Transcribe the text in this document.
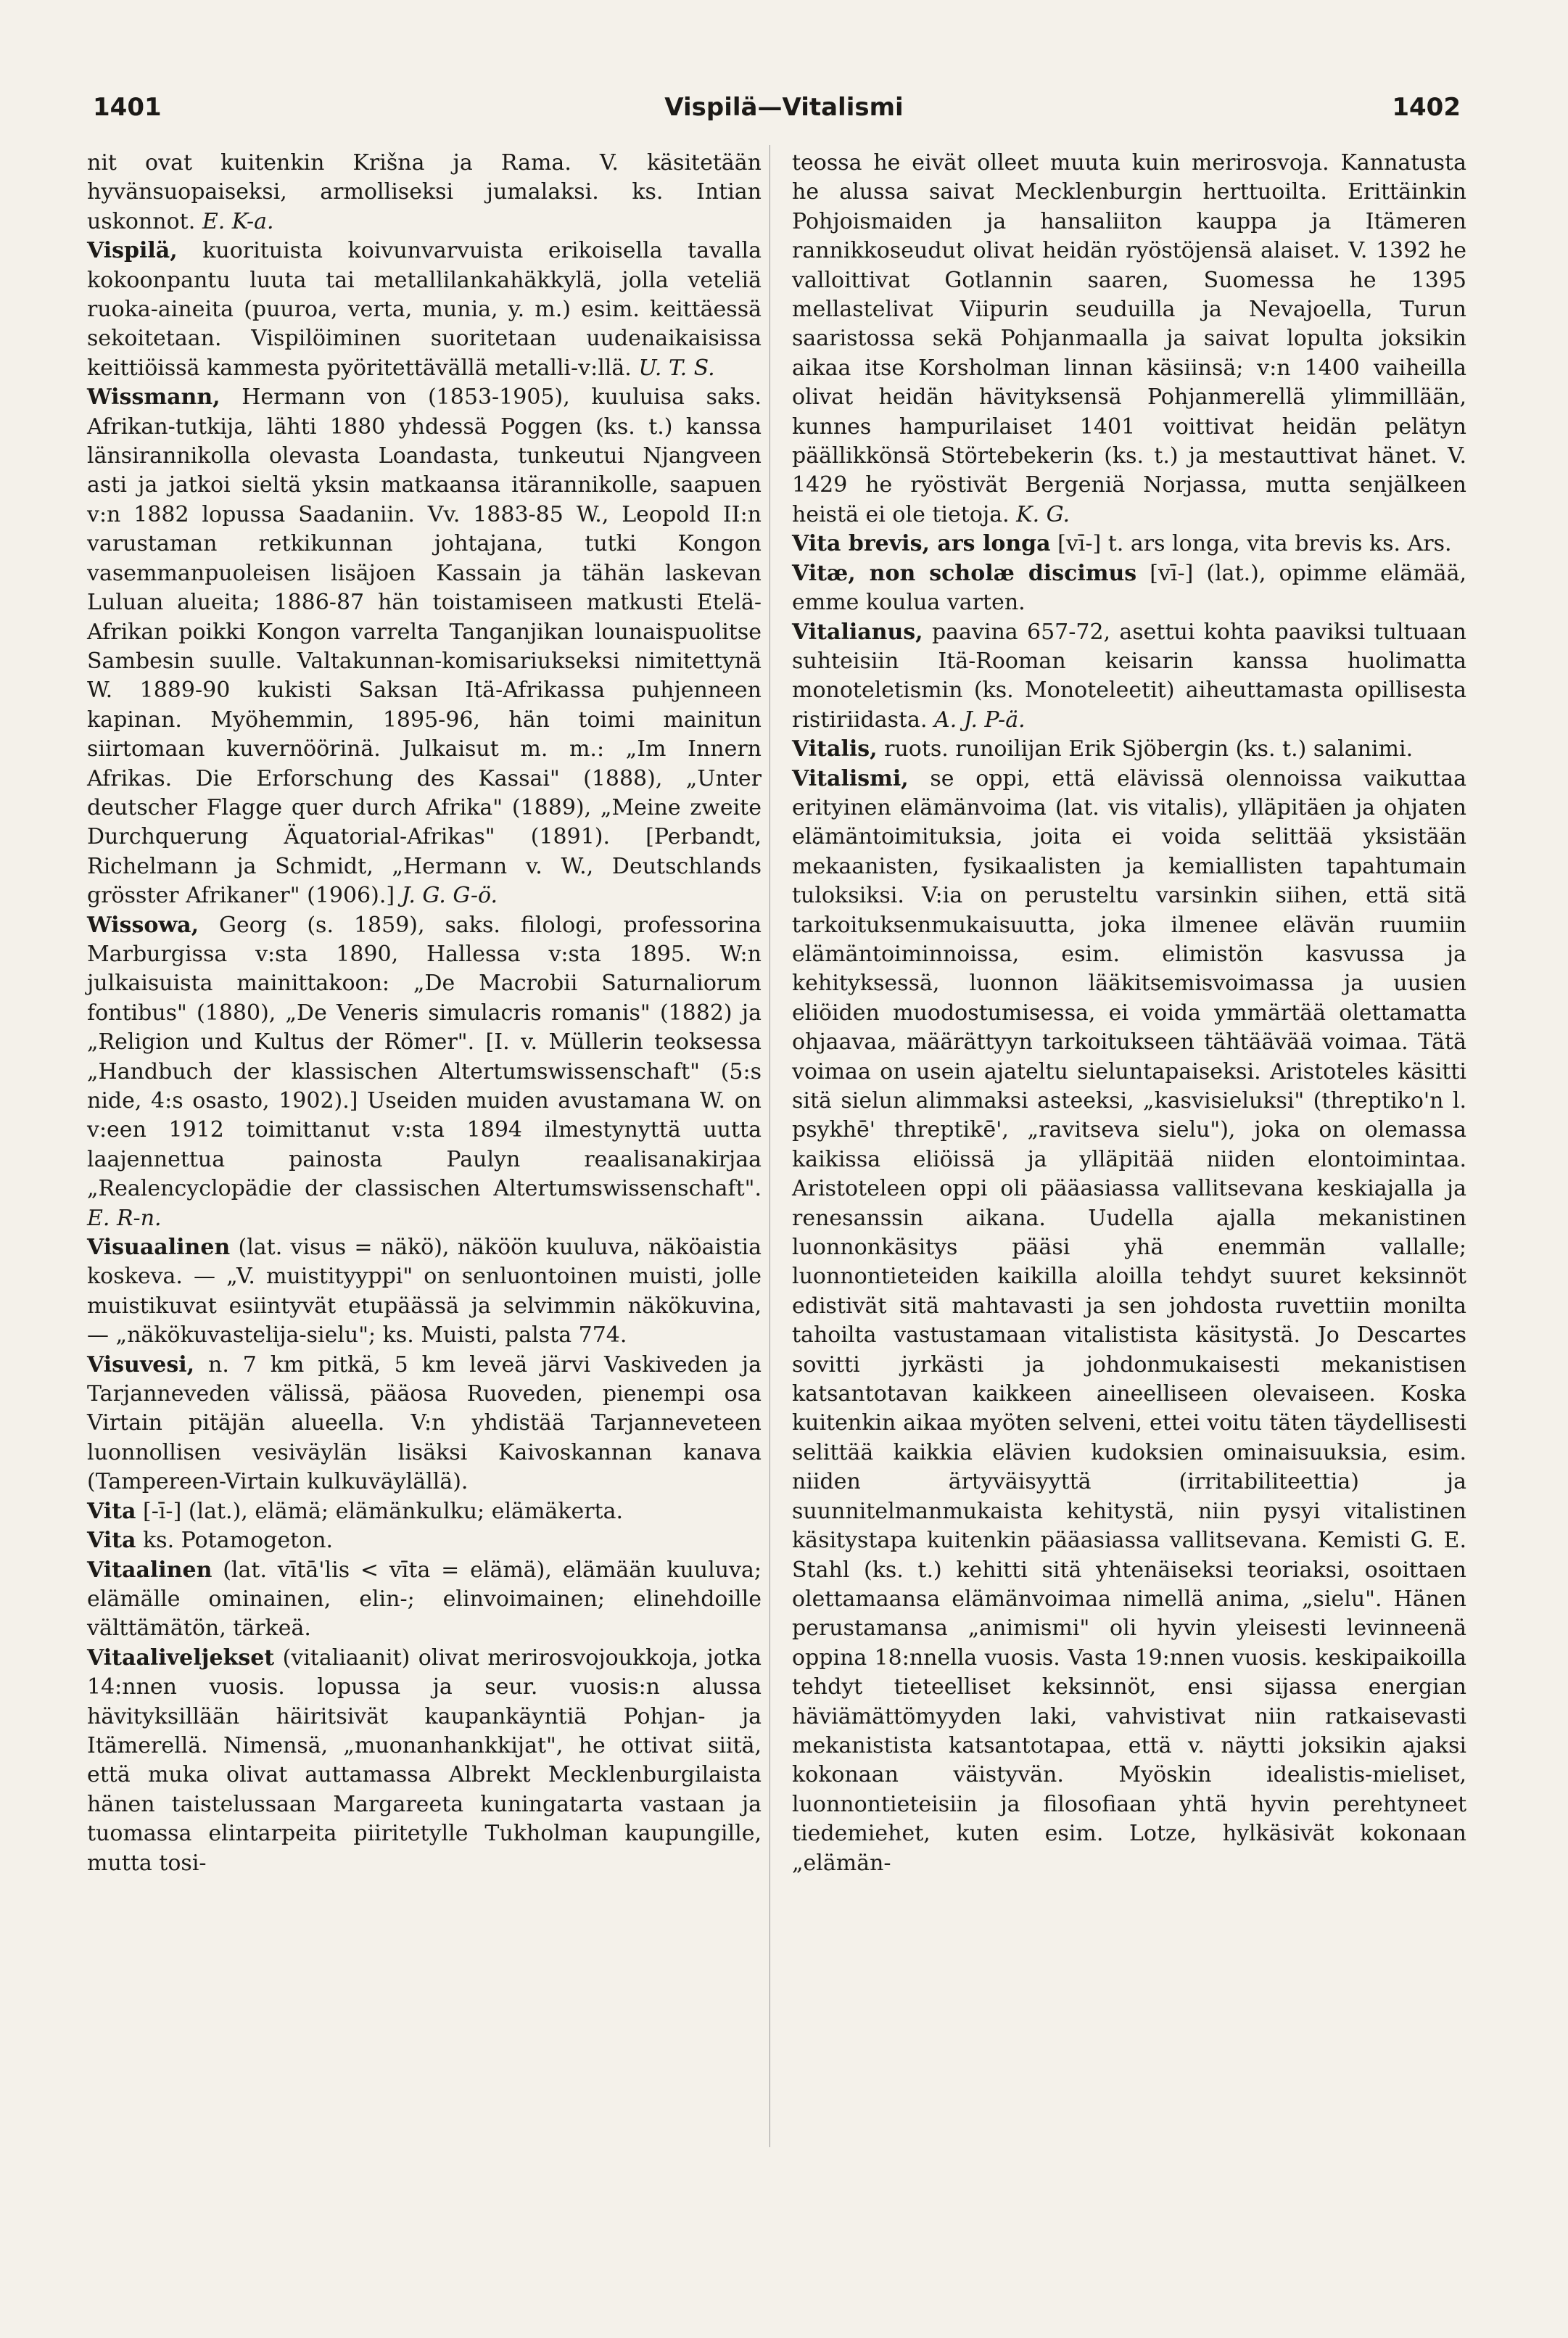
1401	Vispilä—Vitalismi	1402

nit ovat kuitenkin Krišna ja Rama. V. käsitetään hyvänsuopaiseksi, armolliseksi jumalaksi. ks. Intian uskonnot. E. K-a.

Vispilä, kuorituista koivunvarvuista erikoisella tavalla kokoonpantu luuta tai metallilankahäkkylä, jolla veteliä ruoka-aineita (puuroa, verta, munia, y. m.) esim. keittäessä sekoitetaan. Vispilöiminen suoritetaan uudenaikaisissa keittiöissä kammesta pyöritettävällä metalli-v:llä. U. T. S.

Wissmann, Hermann von (1853-1905), kuuluisa saks. Afrikan-tutkija, lähti 1880 yhdessä Poggen (ks. t.) kanssa länsirannikolla olevasta Loandasta, tunkeutui Njangveen asti ja jatkoi sieltä yksin matkaansa itärannikolle, saapuen v:n 1882 lopussa Saadaniin. Vv. 1883-85 W., Leopold II:n varustaman retkikunnan johtajana, tutki Kongon vasemmanpuoleisen lisäjoen Kassain ja tähän laskevan Luluan alueita; 1886-87 hän toistamiseen matkusti Etelä-Afrikan poikki Kongon varrelta Tanganjikan lounaispuolitse Sambesin suulle. Valtakunnan-komisariukseksi nimitettynä W. 1889-90 kukisti Saksan Itä-Afrikassa puhjenneen kapinan. Myöhemmin, 1895-96, hän toimi mainitun siirtomaan kuvernöörinä. Julkaisut m. m.: „Im Innern Afrikas. Die Erforschung des Kassai" (1888), „Unter deutscher Flagge quer durch Afrika" (1889), „Meine zweite Durchquerung Äquatorial-Afrikas" (1891). [Perbandt, Richelmann ja Schmidt, „Hermann v. W., Deutschlands grösster Afrikaner" (1906).] J. G. G-ö.

Wissowa, Georg (s. 1859), saks. filologi, professorina Marburgissa v:sta 1890, Hallessa v:sta 1895. W:n julkaisuista mainittakoon: „De Macrobii Saturnaliorum fontibus" (1880), „De Veneris simulacris romanis" (1882) ja „Religion und Kultus der Römer". [I. v. Müllerin teoksessa „Handbuch der klassischen Altertumswissenschaft" (5:s nide, 4:s osasto, 1902).] Useiden muiden avustamana W. on v:een 1912 toimittanut v:sta 1894 ilmestynyttä uutta laajennettua painosta Paulyn reaalisanakirjaa „Realencyclopädie der classischen Altertumswissenschaft". E. R-n.

Visuaalinen (lat. visus = näkö), näköön kuuluva, näköaistia koskeva. — „V. muistityyppi" on senluontoinen muisti, jolle muistikuvat esiintyvät etupäässä ja selvimmin näkökuvina, — „näkökuvastelija-sielu"; ks. Muisti, palsta 774.

Visuvesi, n. 7 km pitkä, 5 km leveä järvi Vaskiveden ja Tarjanneveden välissä, pääosa Ruoveden, pienempi osa Virtain pitäjän alueella. V:n yhdistää Tarjanneveteen luonnollisen vesiväylän lisäksi Kaivoskannan kanava (Tampereen-Virtain kulkuväylällä).

Vita [-ī-] (lat.), elämä; elämänkulku; elämäkerta.

Vita ks. Potamogeton.

Vitaalinen (lat. vītā'lis < vīta = elämä), elämään kuuluva; elämälle ominainen, elin-; elinvoimainen; elinehdoille välttämätön, tärkeä.

Vitaaliveljekset (vitaliaanit) olivat merirosvojoukkoja, jotka 14:nnen vuosis. lopussa ja seur. vuosis:n alussa hävityksillään häiritsivät kaupankäyntiä Pohjan- ja Itämerellä. Nimensä, „muonanhankkijat", he ottivat siitä, että muka olivat auttamassa Albrekt Mecklenburgilaista hänen taistelussaan Margareeta kuningatarta vastaan ja tuomassa elintarpeita piiritetylle Tukholman kaupungille, mutta tosi-

teossa he eivät olleet muuta kuin merirosvoja. Kannatusta he alussa saivat Mecklenburgin herttuoilta. Erittäinkin Pohjoismaiden ja hansaliiton kauppa ja Itämeren rannikkoseudut olivat heidän ryöstöjensä alaiset. V. 1392 he valloittivat Gotlannin saaren, Suomessa he 1395 mellastelivat Viipurin seuduilla ja Nevajoella, Turun saaristossa sekä Pohjanmaalla ja saivat lopulta joksikin aikaa itse Korsholman linnan käsiinsä; v:n 1400 vaiheilla olivat heidän hävityksensä Pohjanmerellä ylimmillään, kunnes hampurilaiset 1401 voittivat heidän pelätyn päällikkönsä Störtebekerin (ks. t.) ja mestauttivat hänet. V. 1429 he ryöstivät Bergeniä Norjassa, mutta senjälkeen heistä ei ole tietoja. K. G.

Vita brevis, ars longa [vī-] t. ars longa, vita brevis ks. Ars.

Vitæ, non scholæ discimus [vī-] (lat.), opimme elämää, emme koulua varten.

Vitalianus, paavina 657-72, asettui kohta paaviksi tultuaan suhteisiin Itä-Rooman keisarin kanssa huolimatta monoteletismin (ks. Monoteleetit) aiheuttamasta opillisesta ristiriidasta. A. J. P-ä.

Vitalis, ruots. runoilijan Erik Sjöbergin (ks. t.) salanimi.

Vitalismi, se oppi, että elävissä olennoissa vaikuttaa erityinen elämänvoima (lat. vis vitalis), ylläpitäen ja ohjaten elämäntoimituksia, joita ei voida selittää yksistään mekaanisten, fysikaalisten ja kemiallisten tapahtumain tuloksiksi. V:ia on perusteltu varsinkin siihen, että sitä tarkoituksenmukaisuutta, joka ilmenee elävän ruumiin elämäntoiminnoissa, esim. elimistön kasvussa ja kehityksessä, luonnon lääkitsemisvoimassa ja uusien eliöiden muodostumisessa, ei voida ymmärtää olettamatta ohjaavaa, määrättyyn tarkoitukseen tähtäävää voimaa. Tätä voimaa on usein ajateltu sieluntapaiseksi. Aristoteles käsitti sitä sielun alimmaksi asteeksi, „kasvisieluksi" (threptiko'n l. psykhē' threptikē', „ravitseva sielu"), joka on olemassa kaikissa eliöissä ja ylläpitää niiden elontoimintaa. Aristoteleen oppi oli pääasiassa vallitsevana keskiajalla ja renesanssin aikana. Uudella ajalla mekanistinen luonnonkäsitys pääsi yhä enemmän vallalle; luonnontieteiden kaikilla aloilla tehdyt suuret keksinnöt edistivät sitä mahtavasti ja sen johdosta ruvettiin monilta tahoilta vastustamaan vitalistista käsitystä. Jo Descartes sovitti jyrkästi ja johdonmukaisesti mekanistisen katsantotavan kaikkeen aineelliseen olevaiseen. Koska kuitenkin aikaa myöten selveni, ettei voitu täten täydellisesti selittää kaikkia elävien kudoksien ominaisuuksia, esim. niiden ärtyväisyyttä (irritabiliteettia) ja suunnitelmanmukaista kehitystä, niin pysyi vitalistinen käsitystapa kuitenkin pääasiassa vallitsevana. Kemisti G. E. Stahl (ks. t.) kehitti sitä yhtenäiseksi teoriaksi, osoittaen olettamaansa elämänvoimaa nimellä anima, „sielu". Hänen perustamansa „animismi" oli hyvin yleisesti levinneenä oppina 18:nnella vuosis. Vasta 19:nnen vuosis. keskipaikoilla tehdyt tieteelliset keksinnöt, ensi sijassa energian häviämättömyyden laki, vahvistivat niin ratkaisevasti mekanistista katsantotapaa, että v. näytti joksikin ajaksi kokonaan väistyvän. Myöskin idealistis-mieliset, luonnontieteisiin ja filosofiaan yhtä hyvin perehtyneet tiedemiehet, kuten esim. Lotze, hylkäsivät kokonaan „elämän-
